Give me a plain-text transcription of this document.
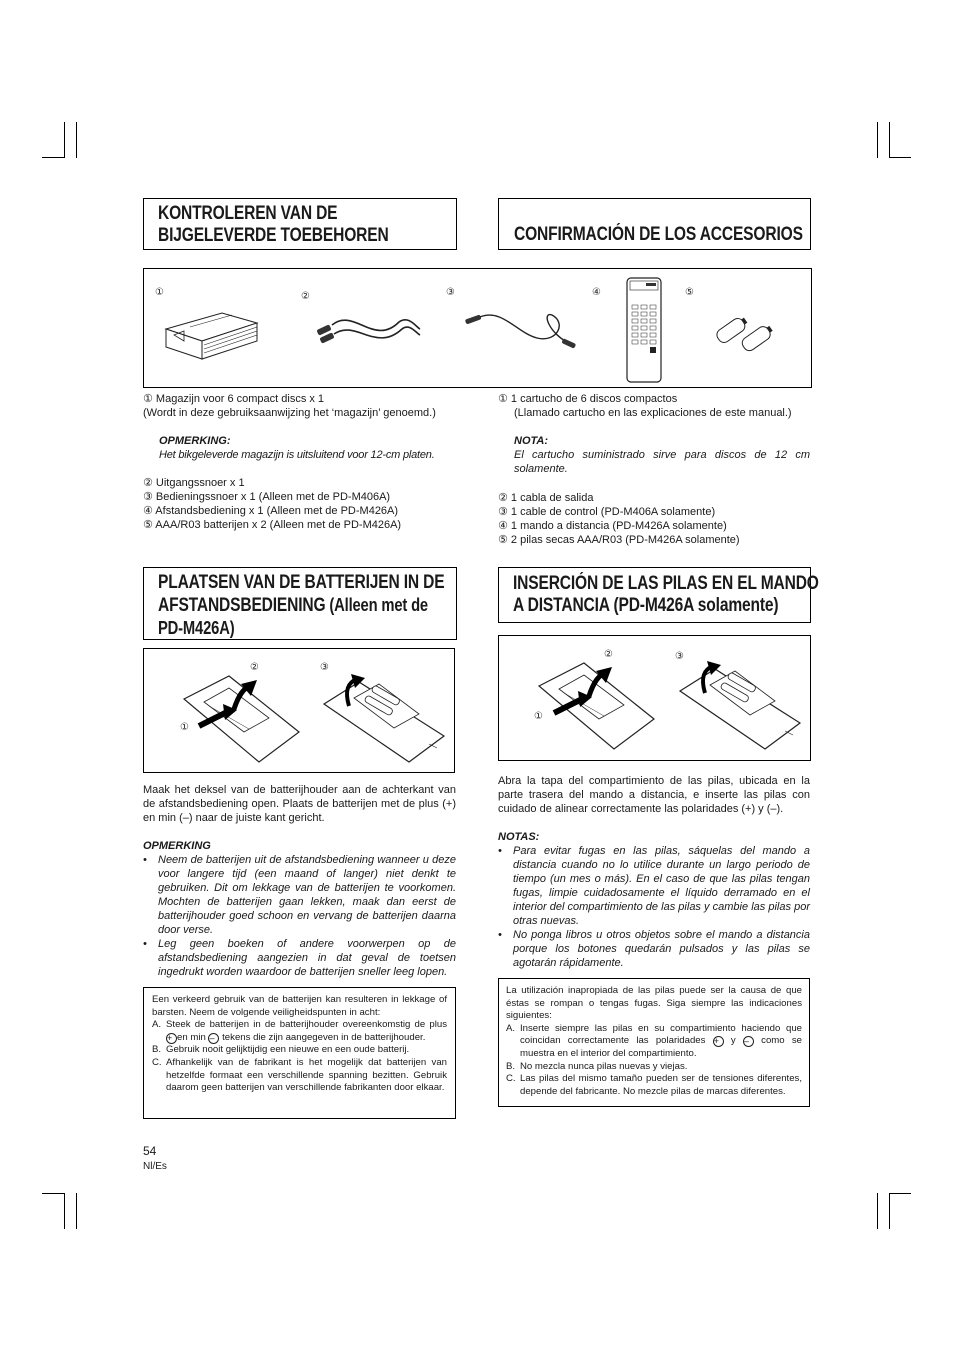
KONTROLEREN VAN DE
BIJGELEVERDE TOEBEHOREN	CONFIRMACIÓN DE LOS ACCESORIOS
①	②	③	④	⑤
① Magazijn voor 6 compact discs x 1
(Wordt in deze gebruiksaanwijzing het ‘magazijn’ genoemd.)
OPMERKING:
Het bikgeleverde magazijn is uitsluitend voor 12-cm platen.
② Uitgangssnoer x 1
③ Bedieningssnoer x 1 (Alleen met de PD-M406A)
④ Afstandsbediening x 1 (Alleen met de PD-M426A)
⑤ AAA/R03 batterijen x 2 (Alleen met de PD-M426A)
① 1 cartucho de 6 discos compactos
(Llamado cartucho en las explicaciones de este manual.)
NOTA:
El cartucho suministrado sirve para discos de 12 cm solamente.
② 1 cabla de salida
③ 1 cable de control (PD-M406A solamente)
④ 1 mando a distancia (PD-M426A solamente)
⑤ 2 pilas secas AAA/R03 (PD-M426A solamente)
PLAATSEN VAN DE BATTERIJEN IN DE
AFSTANDSBEDIENING (Alleen met de
PD-M426A)
INSERCIÓN DE LAS PILAS EN EL MANDO
A DISTANCIA (PD-M426A solamente)
②	③
①
②	③
①
Maak het deksel van de batterijhouder aan de achterkant van de afstandsbediening open. Plaats de batterijen met de plus (+) en min (–) naar de juiste kant gericht.
OPMERKING
• Neem de batterijen uit de afstandsbediening wanneer u deze voor langere tijd (een maand of langer) niet denkt te gebruiken. Dit om lekkage van de batterijen te voorkomen. Mochten de batterijen gaan lekken, maak dan eerst de batterijhouder goed schoon en vervang de batterijen daarna door verse.
• Leg geen boeken of andere voorwerpen op de afstandsbediening aangezien in dat geval de toetsen ingedrukt worden waardoor de batterijen sneller leeg lopen.
Abra la tapa del compartimiento de las pilas, ubicada en la parte trasera del mando a distancia, e inserte las pilas con cuidado de alinear correctamente las polaridades (+) y (–).
NOTAS:
• Para evitar fugas en las pilas, sáquelas del mando a distancia cuando no lo utilice durante un largo periodo de tiempo (un mes o más). En el caso de que las pilas tengan fugas, limpie cuidadosamente el líquido derramado en el interior del compartimiento de las pilas y cambie las pilas por otras nuevas.
• No ponga libros u otros objetos sobre el mando a distancia porque los botones quedarán pulsados y las pilas se agotarán rápidamente.
Een verkeerd gebruik van de batterijen kan resulteren in lekkage of barsten. Neem de volgende veiligheidspunten in acht:
A. Steek de batterijen in de batterijhouder overeenkomstig de plus + en min – tekens die zijn aangegeven in de batterijhouder.
B. Gebruik nooit gelijktijdig een nieuwe en een oude batterij.
C. Afhankelijk van de fabrikant is het mogelijk dat batterijen van hetzelfde formaat een verschillende spanning bezitten. Gebruik daarom geen batterijen van verschillende fabrikanten door elkaar.
La utilización inapropiada de las pilas puede ser la causa de que éstas se rompan o tengas fugas. Siga siempre las indicaciones siguientes:
A. Inserte siempre las pilas en su compartimiento haciendo que coincidan correctamente las polaridades + y – como se muestra en el interior del compartimiento.
B. No mezcla nunca pilas nuevas y viejas.
C. Las pilas del mismo tamaño pueden ser de tensiones diferentes, depende del fabricante. No mezcle pilas de marcas diferentes.
54
Nl/Es
